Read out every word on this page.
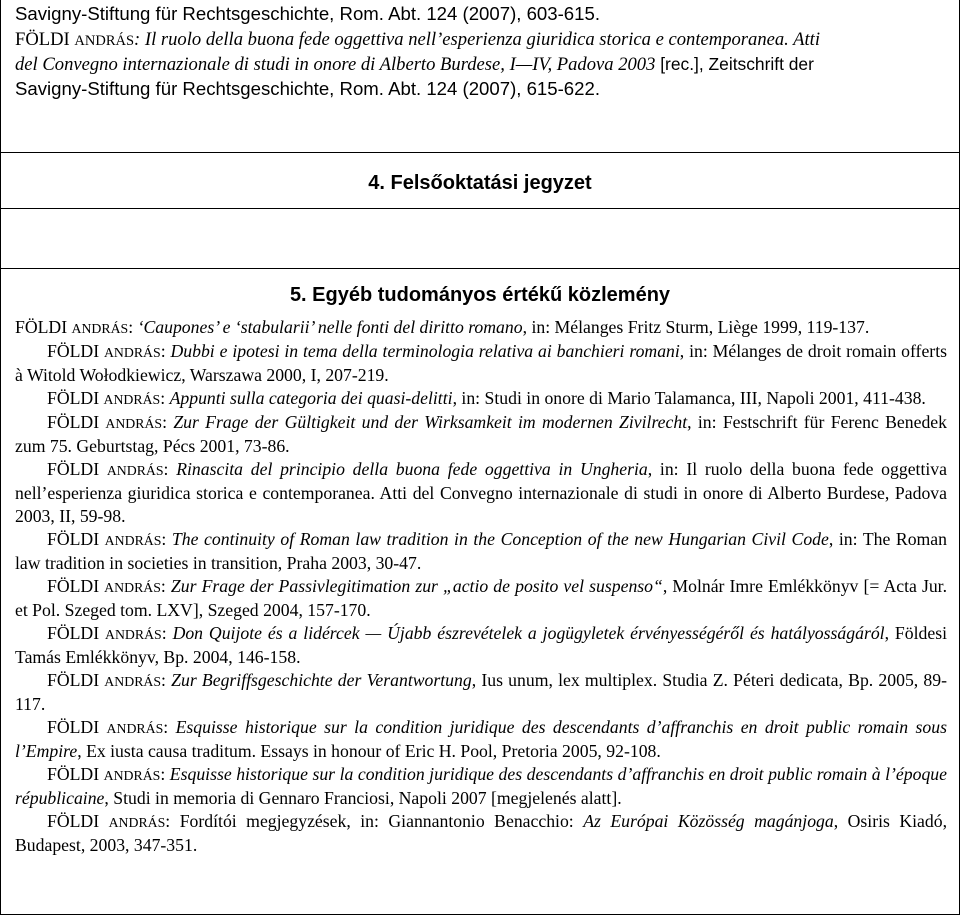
Savigny-Stiftung für Rechtsgeschichte, Rom. Abt. 124 (2007), 603-615.
FÖLDI ANDRÁS: Il ruolo della buona fede oggettiva nell’esperienza giuridica storica e contemporanea. Atti
del Convegno internazionale di studi in onore di Alberto Burdese, I—IV, Padova 2003 [rec.], Zeitschrift der
Savigny-Stiftung für Rechtsgeschichte, Rom. Abt. 124 (2007), 615-622.
4. Felsőoktatási jegyzet
5. Egyéb tudományos értékű közlemény
FÖLDI ANDRÁS: ‘Caupones’ e ‘stabularii’ nelle fonti del diritto romano, in: Mélanges Fritz Sturm, Liège 1999, 119-137.
FÖLDI ANDRÁS: Dubbi e ipotesi in tema della terminologia relativa ai banchieri romani, in: Mélanges de droit romain offerts à Witold Wołodkiewicz, Warszawa 2000, I, 207-219.
FÖLDI ANDRÁS: Appunti sulla categoria dei quasi-delitti, in: Studi in onore di Mario Talamanca, III, Napoli 2001, 411-438.
FÖLDI ANDRÁS: Zur Frage der Gültigkeit und der Wirksamkeit im modernen Zivilrecht, in: Festschrift für Ferenc Benedek zum 75. Geburtstag, Pécs 2001, 73-86.
FÖLDI ANDRÁS: Rinascita del principio della buona fede oggettiva in Ungheria, in: Il ruolo della buona fede oggettiva nell’esperienza giuridica storica e contemporanea. Atti del Convegno internazionale di studi in onore di Alberto Burdese, Padova 2003, II, 59-98.
FÖLDI ANDRÁS: The continuity of Roman law tradition in the Conception of the new Hungarian Civil Code, in: The Roman law tradition in societies in transition, Praha 2003, 30-47.
FÖLDI ANDRÁS: Zur Frage der Passivlegitimation zur „actio de posito vel suspenso“, Molnár Imre Emlékkönyv [= Acta Jur. et Pol. Szeged tom. LXV], Szeged 2004, 157-170.
FÖLDI ANDRÁS: Don Quijote és a lidércek — Újabb észrevételek a jogügyletek érvényességéről és hatályosságáról, Földesi Tamás Emlékkönyv, Bp. 2004, 146-158.
FÖLDI ANDRÁS: Zur Begriffsgeschichte der Verantwortung, Ius unum, lex multiplex. Studia Z. Péteri dedicata, Bp. 2005, 89-117.
FÖLDI ANDRÁS: Esquisse historique sur la condition juridique des descendants d’affranchis en droit public romain sous l’Empire, Ex iusta causa traditum. Essays in honour of Eric H. Pool, Pretoria 2005, 92-108.
FÖLDI ANDRÁS: Esquisse historique sur la condition juridique des descendants d’affranchis en droit public romain à l’époque républicaine, Studi in memoria di Gennaro Franciosi, Napoli 2007 [megjelenés alatt].
FÖLDI ANDRÁS: Fordítói megjegyzések, in: Giannantonio Benacchio: Az Európai Közösség magánjoga, Osiris Kiadó, Budapest, 2003, 347-351.
